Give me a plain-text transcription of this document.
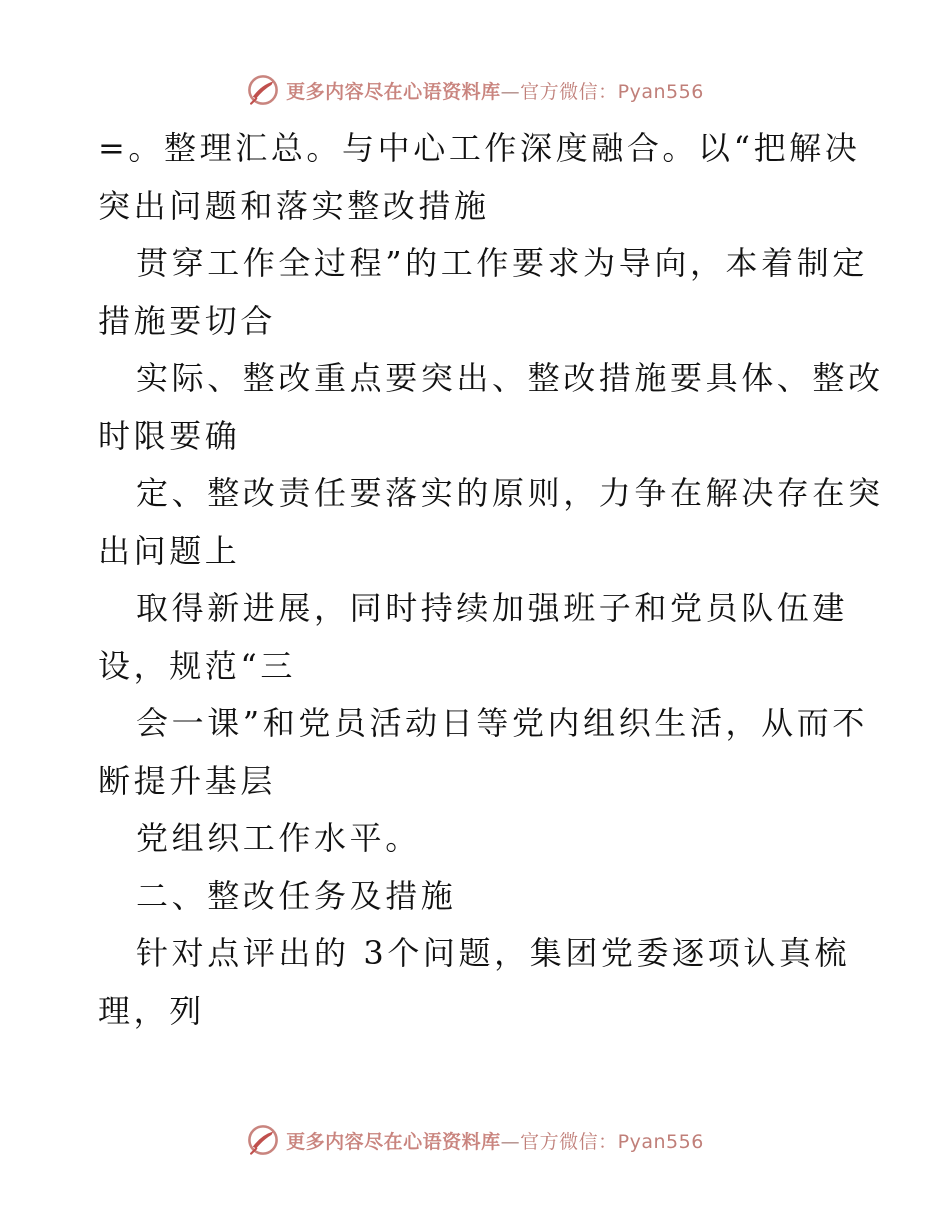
更多内容尽在心语资料库—官方微信：Pyan556
=。整理汇总。与中心工作深度融合。以“把解决
突出问题和落实整改措施
贯穿工作全过程”的工作要求为导向，本着制定
措施要切合
实际、整改重点要突出、整改措施要具体、整改
时限要确
定、整改责任要落实的原则，力争在解决存在突
出问题上
取得新进展，同时持续加强班子和党员队伍建
设，规范“三
会一课”和党员活动日等党内组织生活，从而不
断提升基层
党组织工作水平。
二、整改任务及措施
针对点评出的 3个问题，集团党委逐项认真梳
理，列
更多内容尽在心语资料库—官方微信：Pyan556
